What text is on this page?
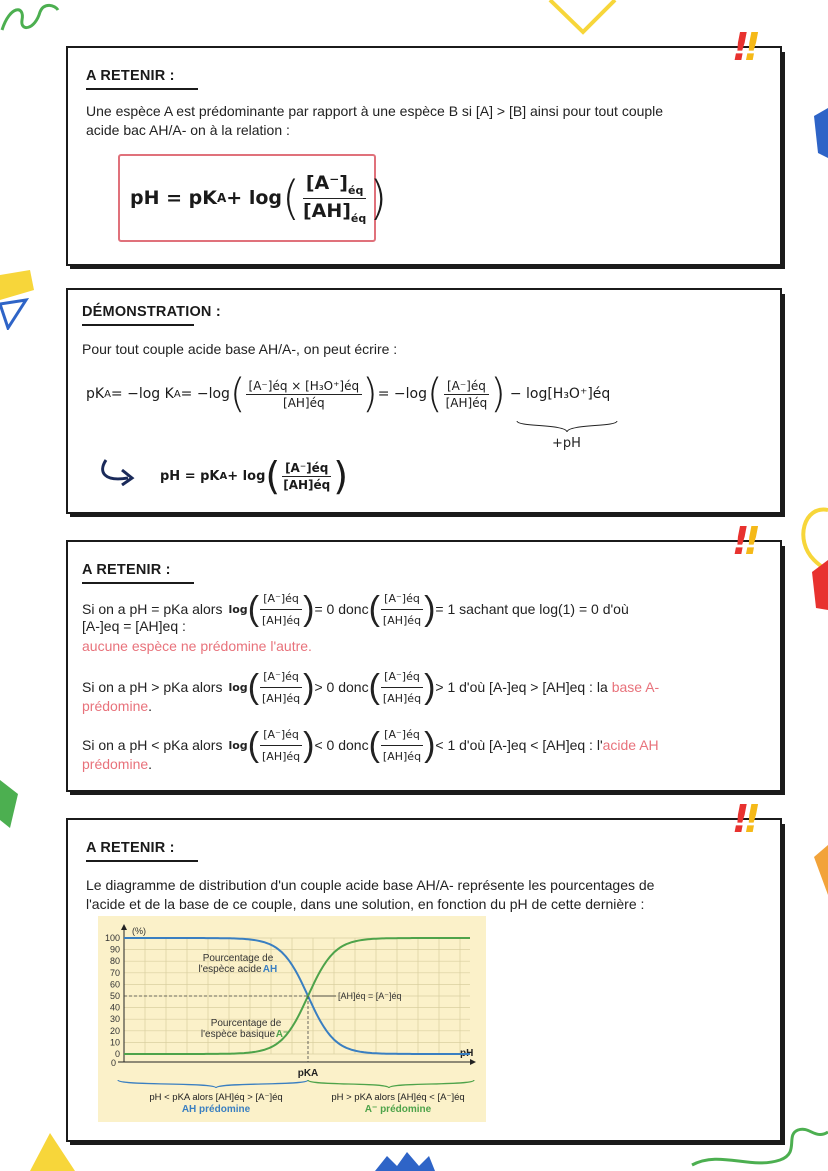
A RETENIR :
Une espèce A est prédominante par rapport à une espèce B si [A] > [B] ainsi pour tout couple
acide bac AH/A- on à la relation :
pH = pK A + log ( $\frac{[A^-]_{éq}}{[AH]_{éq}}$ )
!!
DÉMONSTRATION :
Pour tout couple acide base AH/A-, on peut écrire :
pK A = −log K A = −log ( $\frac{\text{[A⁻]éq × [H₃O⁺]éq}}{[AH]éq}$ ) = −log ( $\frac{[A^-]éq}{[AH]éq}$ ) − log[H₃O⁺]éq
+pH
pH = pK A + log ( $\frac{[A^-]éq}{[AH]éq}$ )
A RETENIR :
Si on a pH = pKa alors log ( $\frac{[A^-]éq}{[AH]éq}$ ) = 0 donc ( $\frac{[A^-]éq}{[AH]éq}$ ) = 1 sachant que log(1) = 0 d'où
[A-]eq = [AH]eq :
aucune espèce ne prédomine l'autre.
Si on a pH > pKa alors log ( $\frac{[A^-]éq}{[AH]éq}$ ) > 0 donc ( $\frac{[A^-]éq}{[AH]éq}$ ) > 1 d'où [A-]eq > [AH]eq : la base A-
prédomine.
Si on a pH < pKa alors log ( $\frac{[A^-]éq}{[AH]éq}$ ) < 0 donc ( $\frac{[A^-]éq}{[AH]éq}$ ) < 1 d'où [A-]eq < [AH]eq : l' acide AH
prédomine.
!!
A RETENIR :
Le diagramme de distribution d'un couple acide base AH/A- représente les pourcentages de
l'acide et de la base de ce couple, dans une solution, en fonction du pH de cette dernière :
!!
0
10
20
30
40
50
60
70
80
90
100
(%)
pH
0
pKA
Pourcentage de
l'espèce acide AH
Pourcentage de
l'espèce basique A⁻
[AH]éq = [A⁻]éq
pH < pKA alors [AH]éq > [A⁻]éq
AH prédomine
pH > pKA alors [AH]éq < [A⁻]éq
A⁻ prédomine
